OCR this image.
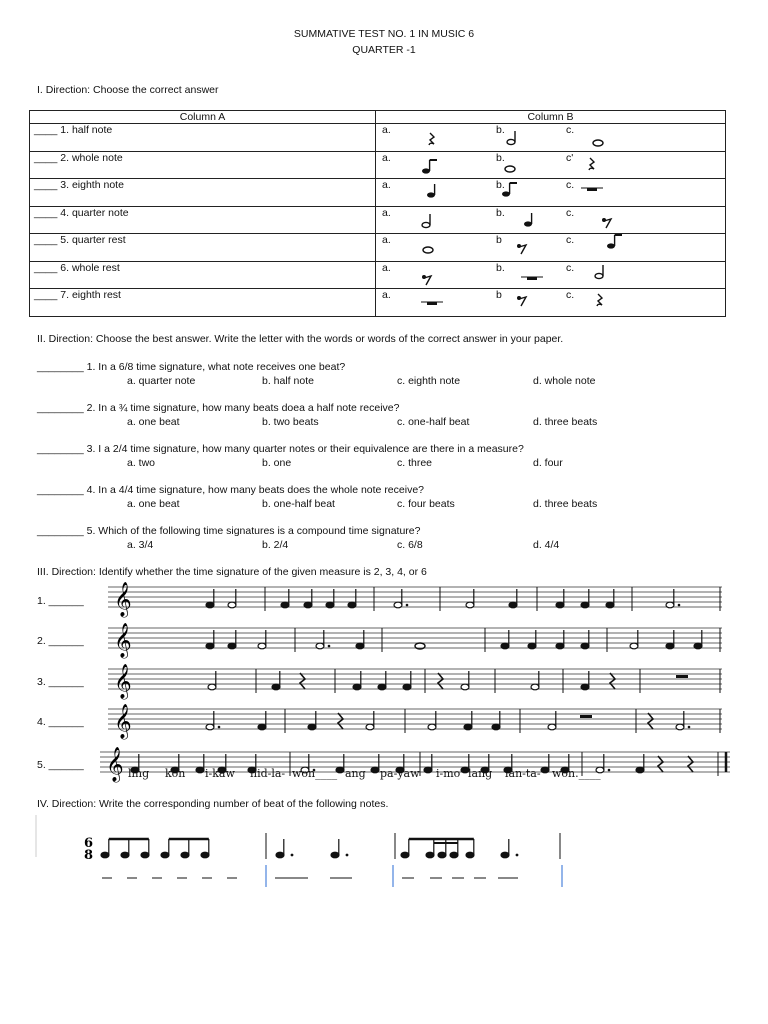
SUMMATIVE TEST NO. 1 IN MUSIC 6
QUARTER -1
I. Direction: Choose the correct answer
Column A	Column B
____ 1. half note	a. b. c.

____ 2. whole note	a. b. c'

____ 3. eighth note	a. b. c.

____ 4. quarter note	a. b. c.

____ 5. quarter rest	a. b c.

____ 6. whole rest	a. b. c.

____ 7. eighth rest	a. b c.
II. Direction: Choose the best answer. Write the letter with the words or words of the correct answer in your paper.
________ 1. In a 6/8 time signature, what note receives one beat?
a. quarter note	b. half note	c. eighth note	d. whole note
________ 2. In a ¾ time signature, how many beats doea a half note receive?
a. one beat	b. two beats	c. one-half beat	d. three beats
________ 3. I a 2/4 time signature, how many quarter notes or their equivalence are there in a measure?
a. two	b. one	c. three	d. four
________ 4. In a 4/4 time signature, how many beats does the whole note receive?
a. one beat	b. one-half beat	c. four beats	d. three beats
________ 5. Which of the following time signatures is a compound time signature?
a. 3/4	b. 2/4	c. 6/8	d. 4/4
III. Direction: Identify whether the time signature of the given measure is 2, 3, 4, or 6
1. ______
2. ______
3. ______
4. ______
5. ______
𝄞
𝄞
𝄞
𝄞
𝄞 ling kon i-kaw hid-la- won____ ang pa-yaw i-mo lang lan-ta- won.____
IV. Direction: Write the corresponding number of beat of the following notes.
6
8
